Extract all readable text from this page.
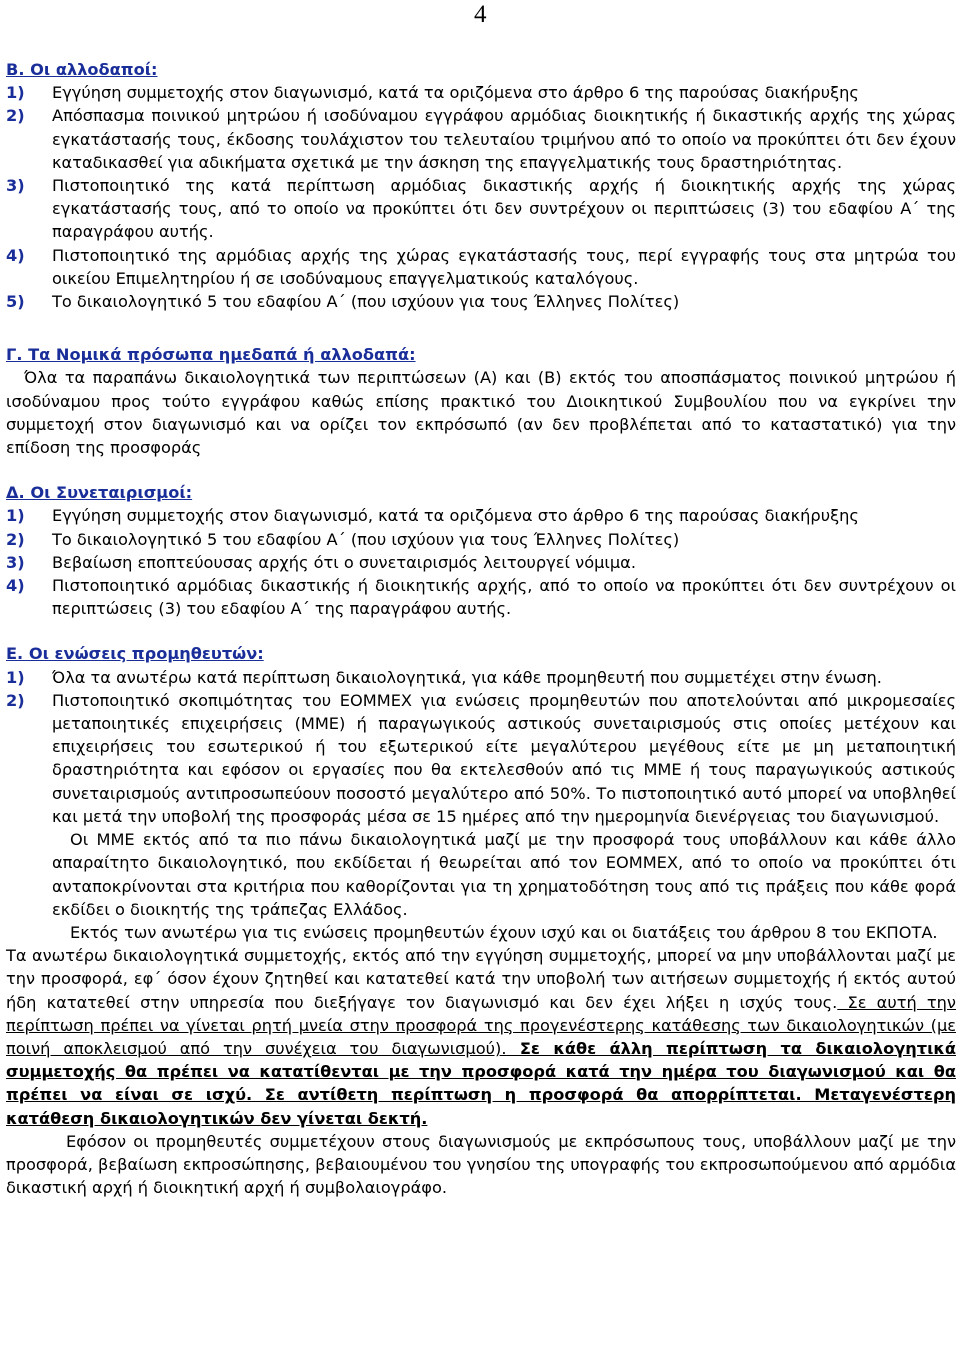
4

Β. Οι αλλοδαποί:

1)	Εγγύηση συμμετοχής στον διαγωνισμό, κατά τα οριζόμενα στο άρθρο 6 της παρούσας διακήρυξης
2)	Απόσπασμα ποινικού μητρώου ή ισοδύναμου εγγράφου αρμόδιας διοικητικής ή δικαστικής αρχής της χώρας εγκατάστασής τους, έκδοσης τουλάχιστον του τελευταίου τριμήνου από το οποίο να προκύπτει ότι δεν έχουν καταδικασθεί για αδικήματα σχετικά με την άσκηση της επαγγελματικής τους δραστηριότητας.
3)	Πιστοποιητικό της κατά περίπτωση αρμόδιας δικαστικής αρχής ή διοικητικής αρχής της χώρας εγκατάστασής τους, από το οποίο να προκύπτει ότι δεν συντρέχουν οι περιπτώσεις (3) του εδαφίου Α΄ της παραγράφου αυτής.
4)	Πιστοποιητικό της αρμόδιας αρχής της χώρας εγκατάστασής τους, περί εγγραφής τους στα μητρώα του οικείου Επιμελητηρίου ή σε ισοδύναμους επαγγελματικούς καταλόγους.
5)	Το δικαιολογητικό 5 του εδαφίου Α΄ (που ισχύουν για τους Έλληνες Πολίτες)

Γ. Τα Νομικά πρόσωπα ημεδαπά ή αλλοδαπά:

Όλα τα παραπάνω δικαιολογητικά των περιπτώσεων (Α) και (Β) εκτός του αποσπάσματος ποινικού μητρώου ή ισοδύναμου προς τούτο εγγράφου καθώς επίσης πρακτικό του Διοικητικού Συμβουλίου που να εγκρίνει την συμμετοχή στον διαγωνισμό και να ορίζει τον εκπρόσωπό (αν δεν προβλέπεται από το καταστατικό) για την επίδοση της προσφοράς

Δ. Οι Συνεταιρισμοί:

1)	Εγγύηση συμμετοχής στον διαγωνισμό, κατά τα οριζόμενα στο άρθρο 6 της παρούσας διακήρυξης
2)	Το δικαιολογητικό 5 του εδαφίου Α΄ (που ισχύουν για τους Έλληνες Πολίτες)
3)	Βεβαίωση εποπτεύουσας αρχής ότι ο συνεταιρισμός λειτουργεί νόμιμα.
4)	Πιστοποιητικό αρμόδιας δικαστικής ή διοικητικής αρχής, από το οποίο να προκύπτει ότι δεν συντρέχουν οι περιπτώσεις (3) του εδαφίου Α΄ της παραγράφου αυτής.

Ε. Οι ενώσεις προμηθευτών:

1)	Όλα τα ανωτέρω κατά περίπτωση δικαιολογητικά, για κάθε προμηθευτή που συμμετέχει στην ένωση.
2)	Πιστοποιητικό σκοπιμότητας του ΕΟΜΜΕΧ για ενώσεις προμηθευτών που αποτελούνται από μικρομεσαίες μεταποιητικές επιχειρήσεις (ΜΜΕ) ή παραγωγικούς αστικούς συνεταιρισμούς στις οποίες μετέχουν και επιχειρήσεις του εσωτερικού ή του εξωτερικού είτε μεγαλύτερου μεγέθους είτε με μη μεταποιητική δραστηριότητα και εφόσον οι εργασίες που θα εκτελεσθούν από τις ΜΜΕ ή τους παραγωγικούς αστικούς συνεταιρισμούς αντιπροσωπεύουν ποσοστό μεγαλύτερο από 50%. Το πιστοποιητικό αυτό μπορεί να υποβληθεί και μετά την υποβολή της προσφοράς μέσα σε 15 ημέρες από την ημερομηνία διενέργειας του διαγωνισμού.

Οι ΜΜΕ εκτός από τα πιο πάνω δικαιολογητικά μαζί με την προσφορά τους υποβάλλουν και κάθε άλλο απαραίτητο δικαιολογητικό, που εκδίδεται ή θεωρείται από τον ΕΟΜΜΕΧ, από το οποίο να προκύπτει ότι ανταποκρίνονται στα κριτήρια που καθορίζονται για τη χρηματοδότηση τους από τις πράξεις που κάθε φορά εκδίδει ο διοικητής της τράπεζας Ελλάδος.

Εκτός των ανωτέρω για τις ενώσεις προμηθευτών έχουν ισχύ και οι διατάξεις του άρθρου 8 του ΕΚΠΟΤΑ.

Τα ανωτέρω δικαιολογητικά συμμετοχής, εκτός από την εγγύηση συμμετοχής, μπορεί να μην υποβάλλονται μαζί με την προσφορά, εφ΄ όσον έχουν ζητηθεί και κατατεθεί κατά την υποβολή των αιτήσεων συμμετοχής ή εκτός αυτού ήδη κατατεθεί στην υπηρεσία που διεξήγαγε τον διαγωνισμό και δεν έχει λήξει η ισχύς τους. Σε αυτή την περίπτωση πρέπει να γίνεται ρητή μνεία στην προσφορά της προγενέστερης κατάθεσης των δικαιολογητικών (με ποινή αποκλεισμού από την συνέχεια του διαγωνισμού). Σε κάθε άλλη περίπτωση τα δικαιολογητικά συμμετοχής θα πρέπει να κατατίθενται με την προσφορά κατά την ημέρα του διαγωνισμού και θα πρέπει να είναι σε ισχύ. Σε αντίθετη περίπτωση η προσφορά θα απορρίπτεται. Μεταγενέστερη κατάθεση δικαιολογητικών δεν γίνεται δεκτή.

Εφόσον οι προμηθευτές συμμετέχουν στους διαγωνισμούς με εκπρόσωπους τους, υποβάλλουν μαζί με την προσφορά, βεβαίωση εκπροσώπησης, βεβαιουμένου του γνησίου της υπογραφής του εκπροσωπούμενου από αρμόδια δικαστική αρχή ή διοικητική αρχή ή συμβολαιογράφο.
